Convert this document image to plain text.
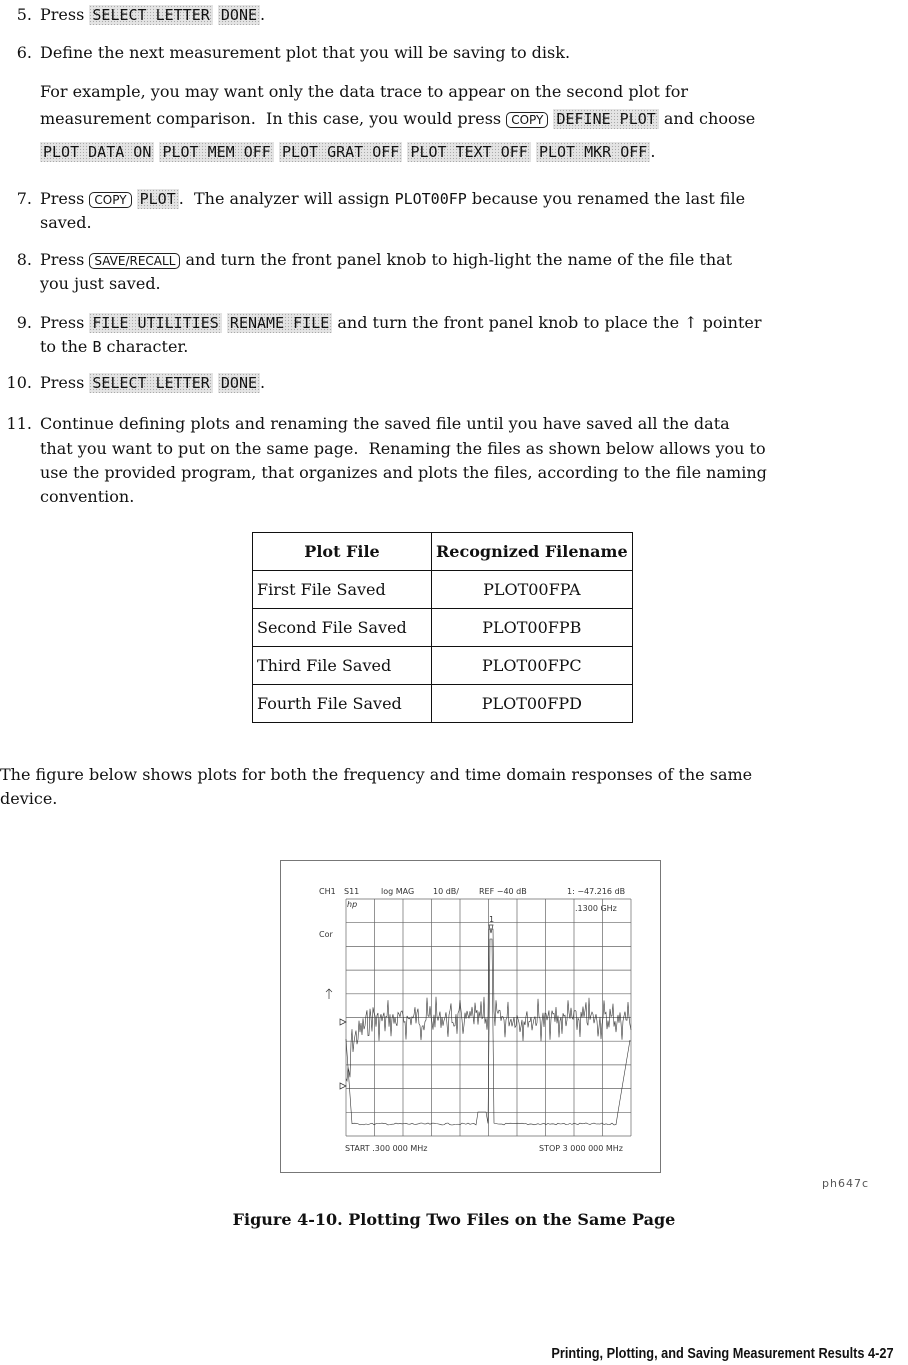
5. Press SELECT LETTER DONE .
6. Define the next measurement plot that you will be saving to disk.
For example, you may want only the data trace to appear on the second plot for
measurement comparison.  In this case, you would press COPY DEFINE PLOT and choose
PLOT DATA ON PLOT MEM OFF PLOT GRAT OFF PLOT TEXT OFF PLOT MKR OFF .
7. Press COPY PLOT .  The analyzer will assign PLOT00FP because you renamed the last file
saved.
8. Press SAVE/RECALL and turn the front panel knob to high-light the name of the file that
you just saved.
9. Press FILE UTILITIES RENAME FILE and turn the front panel knob to place the ↑ pointer
to the B character.
10. Press SELECT LETTER DONE .
11. Continue defining plots and renaming the saved file until you have saved all the data
that you want to put on the same page.  Renaming the files as shown below allows you to
use the provided program, that organizes and plots the files, according to the file naming
convention.
Plot File	Recognized Filename
First File Saved	PLOT00FPA
Second File Saved	PLOT00FPB
Third File Saved	PLOT00FPC
Fourth File Saved	PLOT00FPD
The figure below shows plots for both the frequency and time domain responses of the same
device.
CH1 S11	log MAG 10 dB/	REF −40 dB	1: −47.216 dB
.1300 GHz
hp
Cor
1
START .300 000 MHz	STOP 3 000 000 MHz
ph647c
Figure 4-10. Plotting Two Files on the Same Page
Printing, Plotting, and Saving Measurement Results 4-27
